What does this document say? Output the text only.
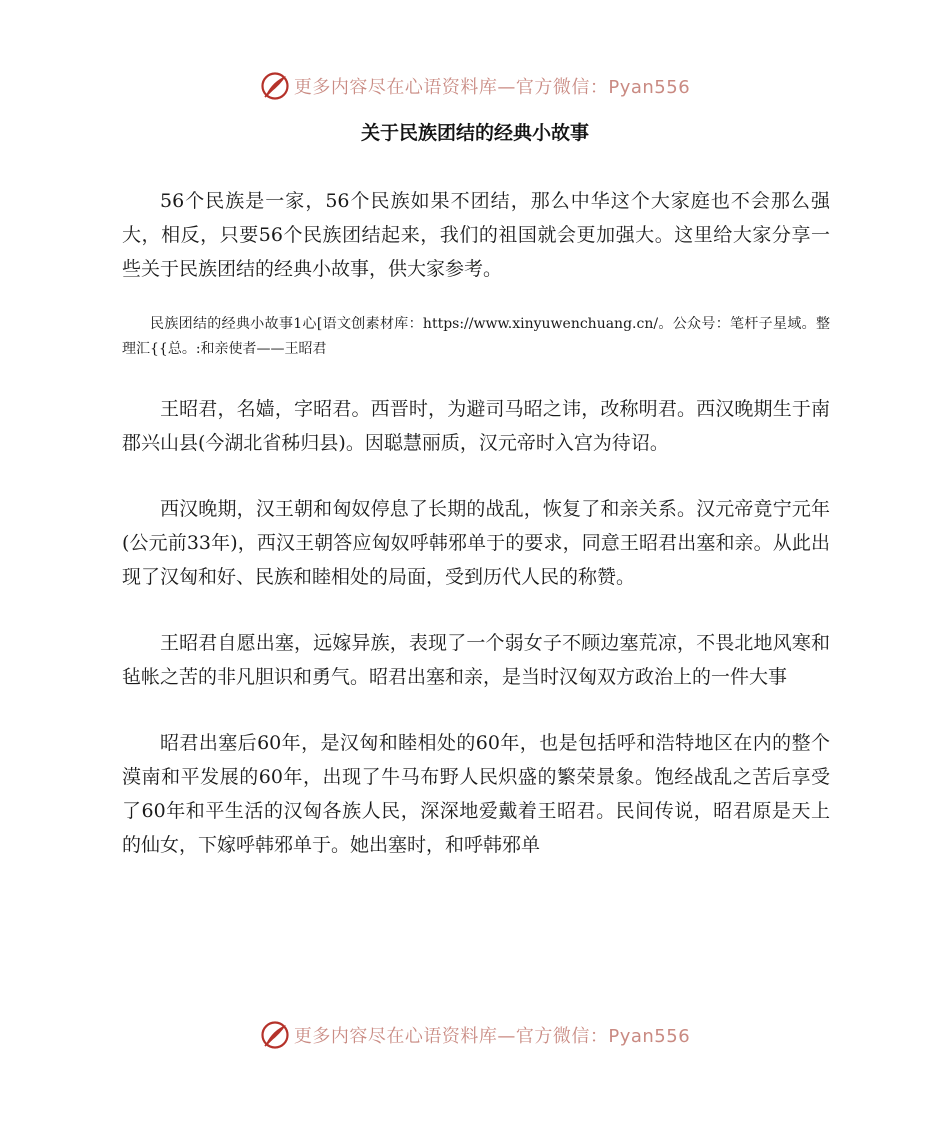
更多内容尽在心语资料库—官方微信：Pyan556
关于民族团结的经典小故事

56个民族是一家，56个民族如果不团结，那么中华这个大家庭也不会那么强大，相反，只要56个民族团结起来，我们的祖国就会更加强大。这里给大家分享一些关于民族团结的经典小故事，供大家参考。

民族团结的经典小故事1心[语文创素材库：https://www.xinyuwenchuang.cn/。公众号：笔杆子星域。整理汇{{总。:和亲使者——王昭君

王昭君，名嫱，字昭君。西晋时，为避司马昭之讳，改称明君。西汉晚期生于南郡兴山县(今湖北省秭归县)。因聪慧丽质，汉元帝时入宫为待诏。

西汉晚期，汉王朝和匈奴停息了长期的战乱，恢复了和亲关系。汉元帝竟宁元年(公元前33年)，西汉王朝答应匈奴呼韩邪单于的要求，同意王昭君出塞和亲。从此出现了汉匈和好、民族和睦相处的局面，受到历代人民的称赞。

王昭君自愿出塞，远嫁异族，表现了一个弱女子不顾边塞荒凉，不畏北地风寒和毡帐之苦的非凡胆识和勇气。昭君出塞和亲，是当时汉匈双方政治上的一件大事

昭君出塞后60年，是汉匈和睦相处的60年，也是包括呼和浩特地区在内的整个漠南和平发展的60年，出现了牛马布野人民炽盛的繁荣景象。饱经战乱之苦后享受了60年和平生活的汉匈各族人民，深深地爱戴着王昭君。民间传说，昭君原是天上的仙女，下嫁呼韩邪单于。她出塞时，和呼韩邪单

更多内容尽在心语资料库—官方微信：Pyan556
